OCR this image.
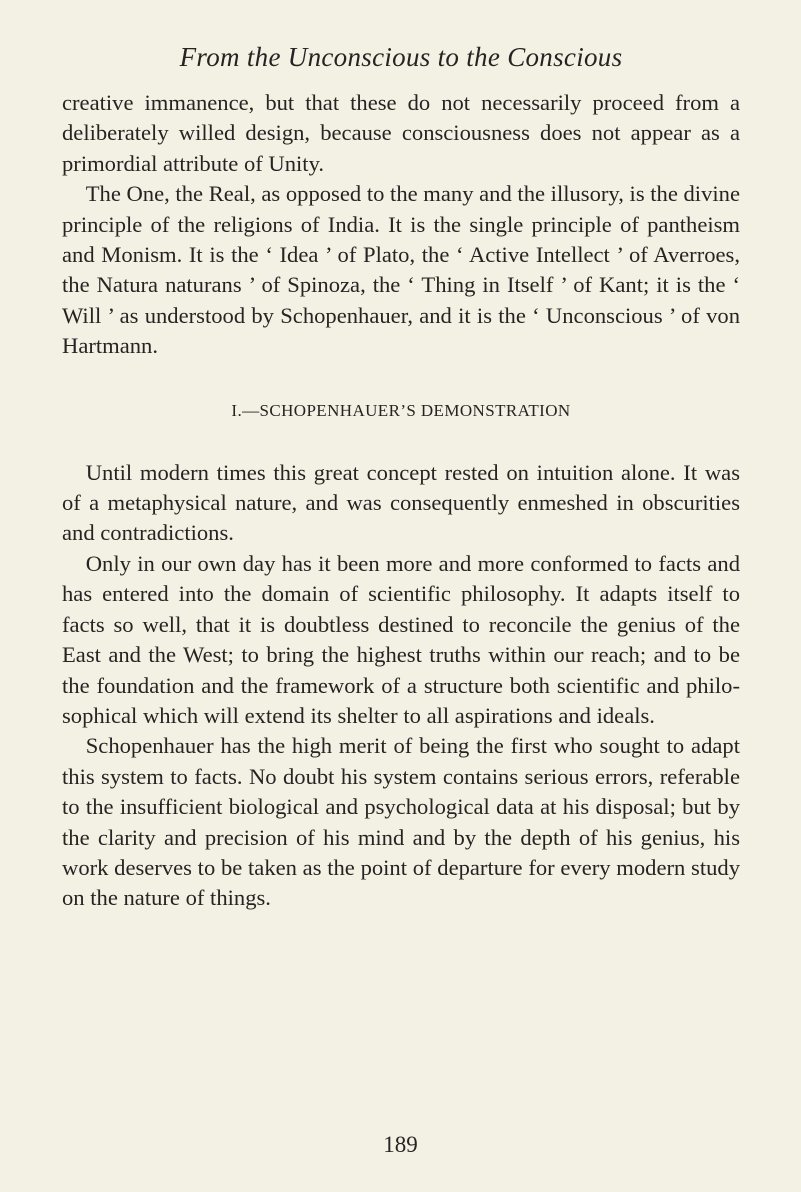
From the Unconscious to the Conscious

creative immanence, but that these do not necessarily proceed from a deliberately willed design, because consciousness does not appear as a primordial attribute of Unity.

The One, the Real, as opposed to the many and the illusory, is the divine principle of the religions of India. It is the single principle of pantheism and Monism. It is the ‘ Idea ’ of Plato, the ‘ Active Intellect ’ of Averroes, the Natura naturans ’ of Spinoza, the ‘ Thing in Itself ’ of Kant; it is the ‘ Will ’ as understood by Schopenhauer, and it is the ‘ Unconscious ’ of von Hartmann.

I.—SCHOPENHAUER’S DEMONSTRATION

Until modern times this great concept rested on intuition alone. It was of a metaphysical nature, and was consequently enmeshed in obscurities and contradictions.

Only in our own day has it been more and more conformed to facts and has entered into the domain of scientific philosophy. It adapts itself to facts so well, that it is doubtless destined to reconcile the genius of the East and the West; to bring the highest truths within our reach; and to be the foundation and the framework of a structure both scientific and philosophical which will extend its shelter to all aspirations and ideals.

Schopenhauer has the high merit of being the first who sought to adapt this system to facts. No doubt his system contains serious errors, referable to the insufficient biological and psychological data at his disposal; but by the clarity and precision of his mind and by the depth of his genius, his work deserves to be taken as the point of departure for every modern study on the nature of things.

189
